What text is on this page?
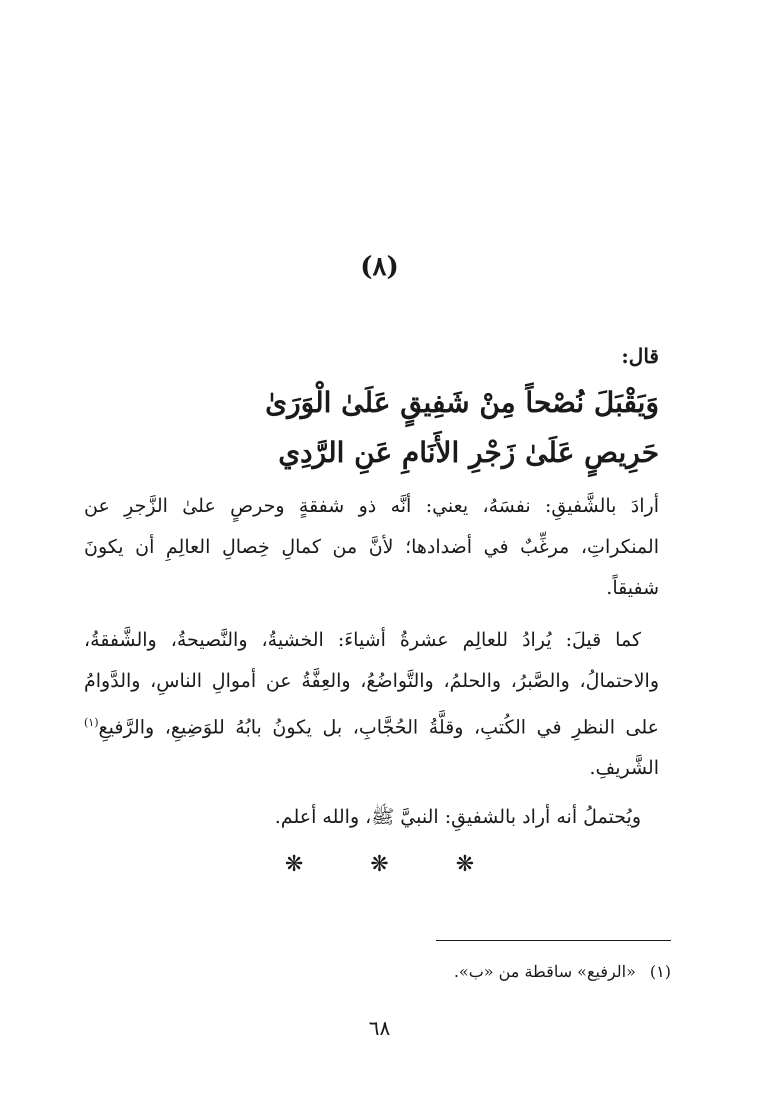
(٨)
قال:
وَيَقْبَلَ نُصْحاً مِنْ شَفِيقٍ عَلَىٰ الْوَرَىٰ
حَرِيصٍ عَلَىٰ زَجْرِ الأَنَامِ عَنِ الرَّدِي
أرادَ بالشَّفيقِ: نفسَهُ، يعني: أنَّه ذو شفقةٍ وحرصٍ علىٰ الزَّجرِ عن المنكراتِ، مرغِّبٌ في أضدادها؛ لأنَّ من كمالِ خِصالِ العالِمِ أن يكونَ شفيقاً.
كما قيلَ: يُرادُ للعالِم عشرةُ أشياءَ: الخشيةُ، والنَّصيحةُ، والشَّفقةُ، والاحتمالُ، والصَّبرُ، والحلمُ، والتَّواضُعُ، والعِفَّةُ عن أموالِ الناسِ، والدَّوامُ على النظرِ في الكُتبِ، وقلَّةُ الحُجَّابِ، بل يكونُ بابُهُ للوَضِيعِ، والرَّفيعِ$^{(١)}$ الشَّريفِ.
ويُحتملُ أنه أراد بالشفيقِ: النبيَّ ﷺ، والله أعلم.
❋ ❋ ❋
(١)«الرفيع» ساقطة من «ب».
٦٨
